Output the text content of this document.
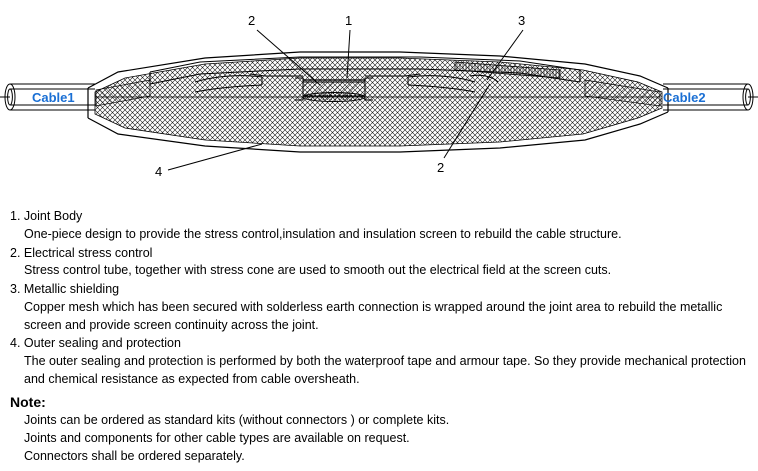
2	1	3
4	2
Cable1	Cable2
1. Joint Body
One-piece design to provide the stress control,insulation and insulation screen to rebuild the cable structure.
2. Electrical stress control
Stress control tube, together with stress cone are used to smooth out the electrical field at the screen cuts.
3. Metallic shielding
Copper mesh which has been secured with solderless earth connection is wrapped around the joint area to rebuild the metallic screen and provide screen continuity across the joint.
4. Outer sealing and protection
The outer sealing and protection is performed by both the waterproof tape and armour tape. So they provide mechanical protection and chemical resistance as expected from cable oversheath.
Note:
Joints can be ordered as standard kits (without connectors ) or complete kits.
Joints and components for other cable types are available on request.
Connectors shall be ordered separately.
